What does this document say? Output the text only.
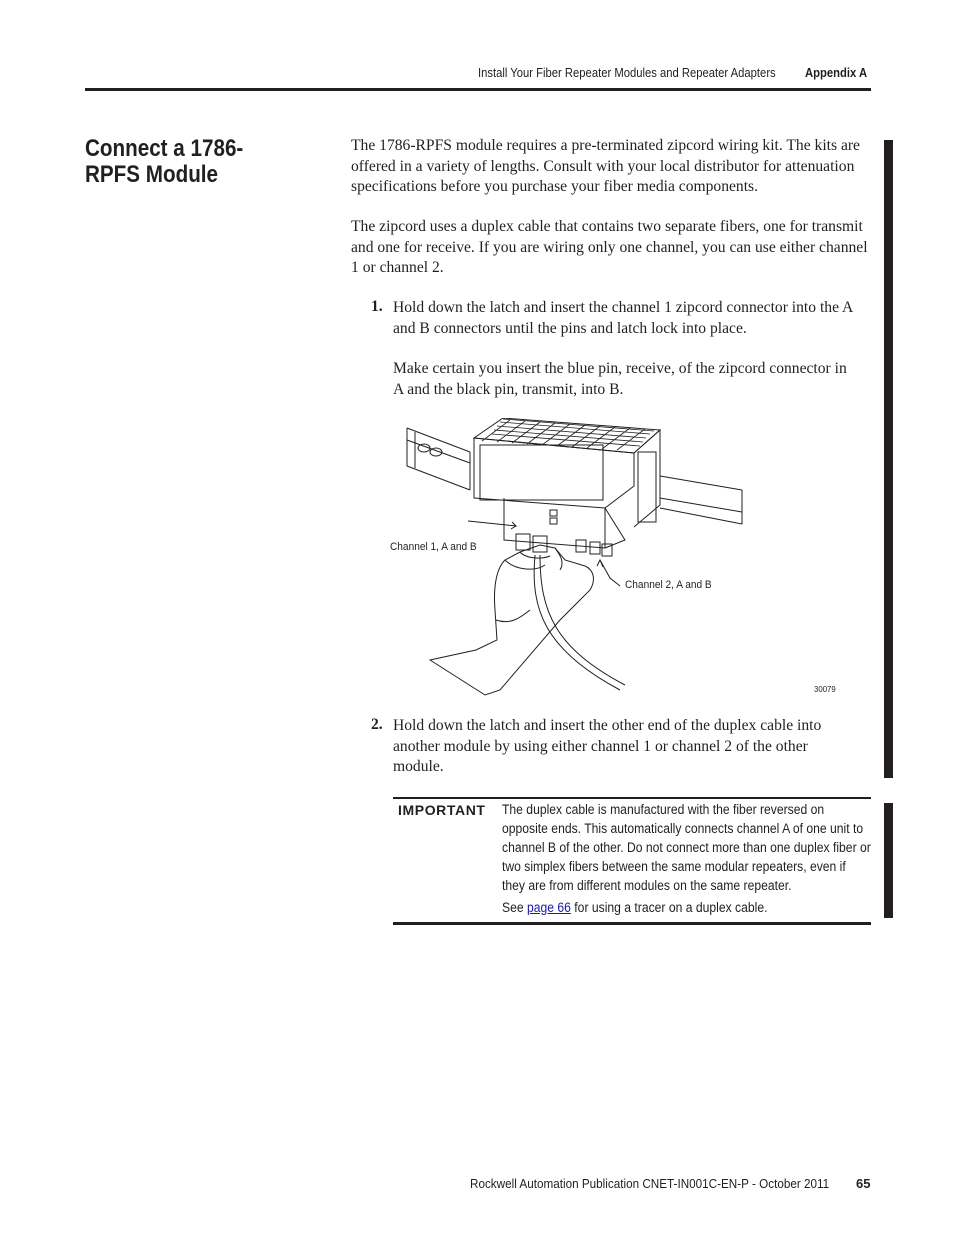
Install Your Fiber Repeater Modules and Repeater Adapters Appendix A
Connect a 1786-RPFS Module
The 1786-RPFS module requires a pre-terminated zipcord wiring kit. The kits are offered in a variety of lengths. Consult with your local distributor for attenuation specifications before you purchase your fiber media components.
The zipcord uses a duplex cable that contains two separate fibers, one for transmit and one for receive. If you are wiring only one channel, you can use either channel 1 or channel 2.
1. Hold down the latch and insert the channel 1 zipcord connector into the A and B connectors until the pins and latch lock into place.
Make certain you insert the blue pin, receive, of the zipcord connector in A and the black pin, transmit, into B.
Channel 1, A and B
Channel 2, A and B
30079
2. Hold down the latch and insert the other end of the duplex cable into another module by using either channel 1 or channel 2 of the other module.
IMPORTANT The duplex cable is manufactured with the fiber reversed on opposite ends. This automatically connects channel A of one unit to channel B of the other. Do not connect more than one duplex fiber or two simplex fibers between the same modular repeaters, even if they are from different modules on the same repeater.
See page 66 for using a tracer on a duplex cable.
Rockwell Automation Publication CNET-IN001C-EN-P - October 2011 65
